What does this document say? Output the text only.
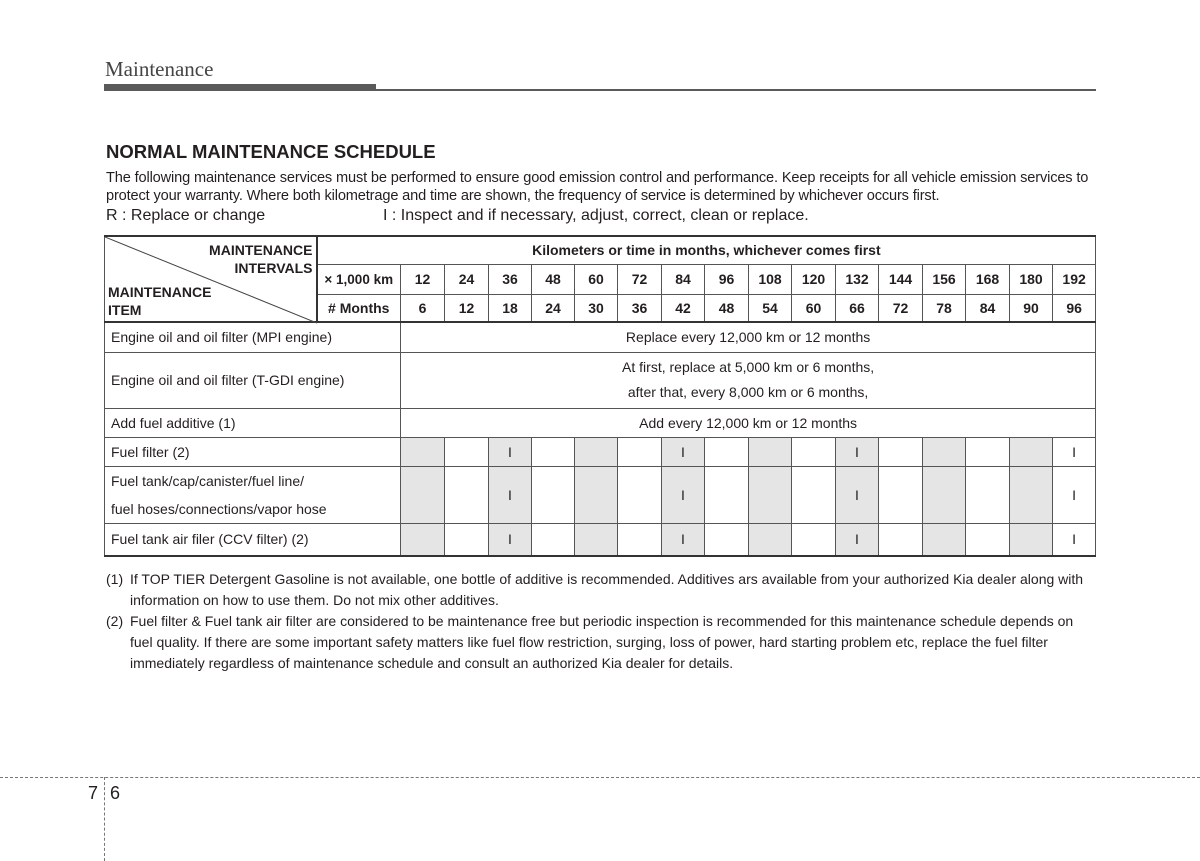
Maintenance
NORMAL MAINTENANCE SCHEDULE
The following maintenance services must be performed to ensure good emission control and performance. Keep receipts for all vehicle emission services to protect your warranty. Where both kilometrage and time are shown, the frequency of service is determined by whichever occurs first.
R : Replace or change	I : Inspect and if necessary, adjust, correct, clean or replace.
MAINTENANCE
INTERVALS
MAINTENANCE
ITEM	Kilometers or time in months, whichever comes first																
	× 1,000 km	12	24	36	48	60	72	84	96	108	120	132	144	156	168	180	192
	# Months	6	12	18	24	30	36	42	48	54	60	66	72	78	84	90	96
Engine oil and oil filter (MPI engine)		Replace every 12,000 km or 12 months															
Engine oil and oil filter (T-GDI engine)		At first, replace at 5,000 km or 6 months,
after that, every 8,000 km or 6 months,															

Add fuel additive (1)		Add every 12,000 km or 12 months															
Fuel filter (2)				I				I				I					I

Fuel tank/cap/canister/fuel line/
fuel hoses/connections/vapor hose				I				I				I					I
Fuel tank air filer (CCV filter) (2)				I				I				I					I
(1) If TOP TIER Detergent Gasoline is not available, one bottle of additive is recommended. Additives ars available from your authorized Kia dealer along with information on how to use them. Do not mix other additives.
(2) Fuel filter & Fuel tank air filter are considered to be maintenance free but periodic inspection is recommended for this maintenance schedule depends on fuel quality. If there are some important safety matters like fuel flow restriction, surging, loss of power, hard starting problem etc, replace the fuel filter immediately regardless of maintenance schedule and consult an authorized Kia dealer for details.
7 6
